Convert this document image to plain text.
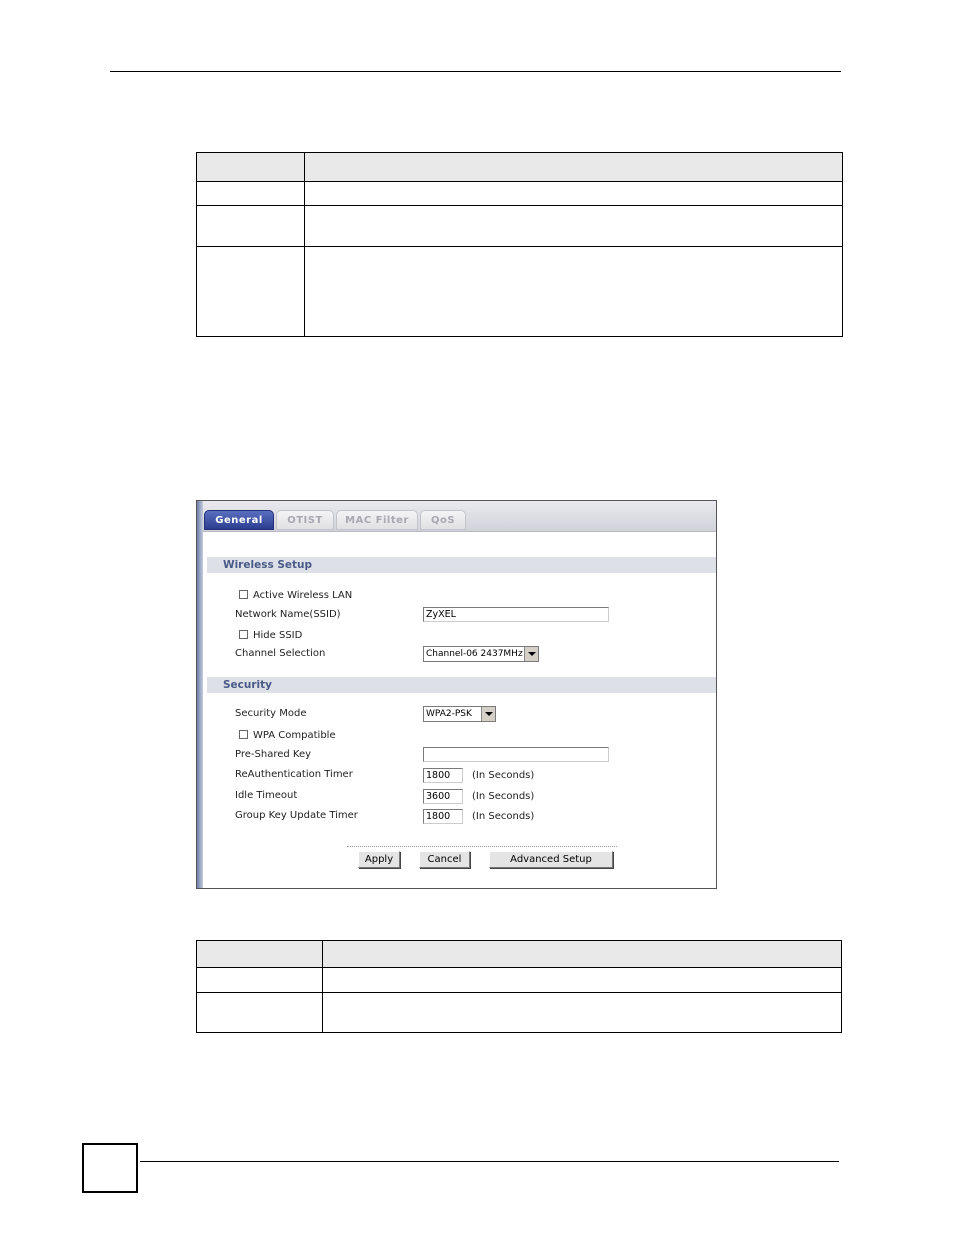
General	OTIST	MAC Filter	QoS
Wireless Setup
Active Wireless LAN
Network Name(SSID)	ZyXEL
Hide SSID
Channel Selection	Channel-06 2437MHz
Security
Security Mode	WPA2-PSK
WPA Compatible
Pre-Shared Key
ReAuthentication Timer	1800	(In Seconds)
Idle Timeout	3600	(In Seconds)
Group Key Update Timer	1800	(In Seconds)
Apply	Cancel	Advanced Setup
